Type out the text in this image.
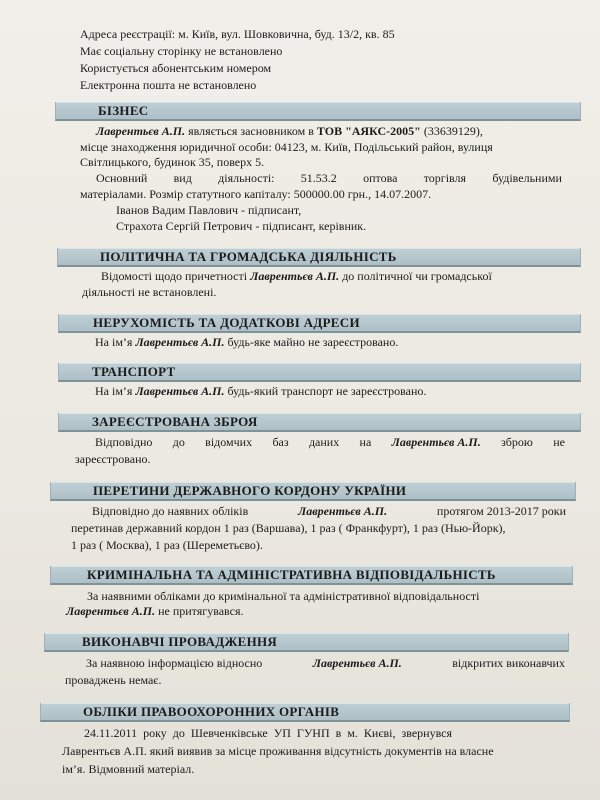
Адреса реєстрації: м. Київ, вул. Шовковична, буд. 13/2, кв. 85
Має соціальну сторінку не встановлено
Користується абонентським номером
Електронна пошта не встановлено
БІЗНЕС
Лаврентьєв А.П. являється засновником в ТОВ "АЯКС-2005" (33639129),
місце знаходження юридичної особи: 04123, м. Київ, Подільський район, вулиця
Світлицького, будинок 35, поверх 5.
Основний вид діяльності: 51.53.2 оптова торгівля будівельними
матеріалами. Розмір статутного капіталу: 500000.00 грн., 14.07.2007.
Іванов Вадим Павлович - підписант,
Страхота Сергій Петрович - підписант, керівник.
ПОЛІТИЧНА ТА ГРОМАДСЬКА ДІЯЛЬНІСТЬ
Відомості щодо причетності Лаврентьєв А.П. до політичної чи громадської
діяльності не встановлені.
НЕРУХОМІСТЬ ТА ДОДАТКОВІ АДРЕСИ
На ім’я Лаврентьєв А.П. будь-яке майно не зареєстровано.
ТРАНСПОРТ
На ім’я Лаврентьєв А.П. будь-який транспорт не зареєстровано.
ЗАРЕЄСТРОВАНА ЗБРОЯ
Відповідно до відомчих баз даних на Лаврентьєв А.П. зброю не
зареєстровано.
ПЕРЕТИНИ ДЕРЖАВНОГО КОРДОНУ УКРАЇНИ
Відповідно до наявних обліків	Лаврентьєв А.П.	протягом 2013-2017 роки
перетинав державний кордон 1 раз (Варшава), 1 раз ( Франкфурт), 1 раз (Нью-Йорк),
1 раз ( Москва), 1 раз (Шереметьєво).
КРИМІНАЛЬНА ТА АДМІНІСТРАТИВНА ВІДПОВІДАЛЬНІСТЬ
За наявними обліками до кримінальної та адміністративної відповідальності
Лаврентьєв А.П. не притягувався.
ВИКОНАВЧІ ПРОВАДЖЕННЯ
За наявною інформацією відносно	Лаврентьєв А.П.	відкритих виконавчих
проваджень немає.
ОБЛІКИ ПРАВООХОРОННИХ ОРГАНІВ
24.11.2011  року  до  Шевченківське  УП  ГУНП  в  м.  Києві,  звернувся
Лаврентьєв А.П. який виявив за місце проживання відсутність документів на власне
ім’я. Відмовний матеріал.
